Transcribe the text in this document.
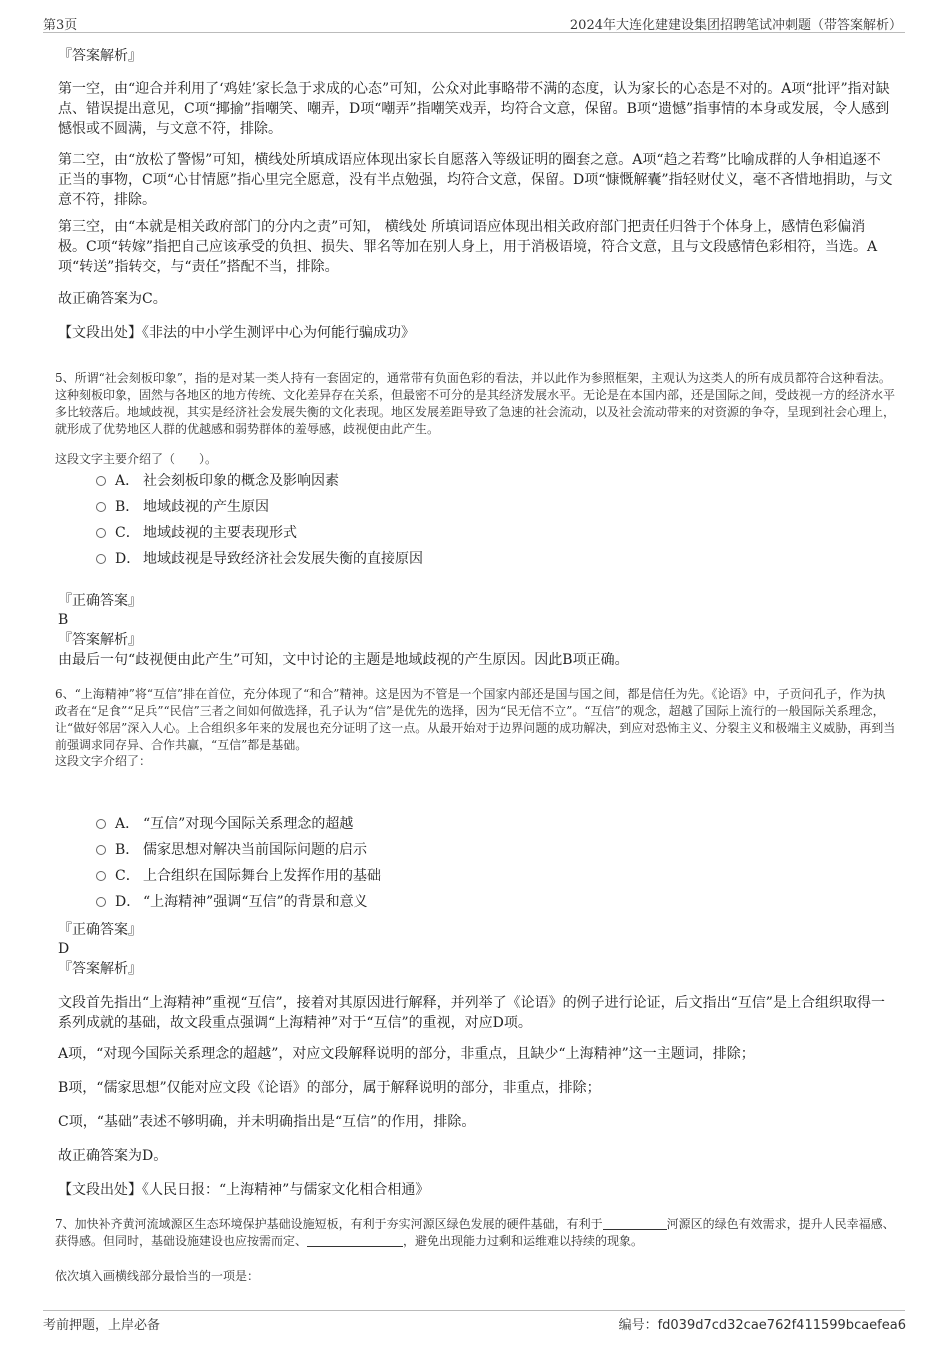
第3页	2024年大连化建建设集团招聘笔试冲刺题（带答案解析）
『答案解析』
第一空，由“迎合并利用了‘鸡娃’家长急于求成的心态”可知，公众对此事略带不满的态度，认为家长的心态是不对的。A项“批评”指对缺点、错误提出意见，C项“揶揄”指嘲笑、嘲弄，D项“嘲弄”指嘲笑戏弄，均符合文意，保留。B项“遗憾”指事情的本身或发展，令人感到憾恨或不圆满，与文意不符，排除。
第二空，由“放松了警惕”可知，横线处所填成语应体现出家长自愿落入等级证明的圈套之意。A项“趋之若骛”比喻成群的人争相追逐不正当的事物，C项“心甘情愿”指心里完全愿意，没有半点勉强，均符合文意，保留。D项“慷慨解囊”指轻财仗义，毫不吝惜地捐助，与文意不符，排除。
第三空，由“本就是相关政府部门的分内之责”可知， 横线处 所填词语应体现出相关政府部门把责任归咎于个体身上，感情色彩偏消极。C项“转嫁”指把自己应该承受的负担、损失、罪名等加在别人身上，用于消极语境，符合文意，且与文段感情色彩相符，当选。A项“转送”指转交，与“责任”搭配不当，排除。
故正确答案为C。
【文段出处】《非法的中小学生测评中心为何能行骗成功》
5、所谓“社会刻板印象”，指的是对某一类人持有一套固定的，通常带有负面色彩的看法，并以此作为参照框架，主观认为这类人的所有成员都符合这种看法。这种刻板印象，固然与各地区的地方传统、文化差异存在关系，但最密不可分的是其经济发展水平。无论是在本国内部，还是国际之间，受歧视一方的经济水平多比较落后。地域歧视，其实是经济社会发展失衡的文化表现。地区发展差距导致了急速的社会流动，以及社会流动带来的对资源的争夺，呈现到社会心理上，就形成了优势地区人群的优越感和弱势群体的羞辱感，歧视便由此产生。
这段文字主要介绍了（　　）。
A． 社会刻板印象的概念及影响因素
B． 地域歧视的产生原因
C． 地域歧视的主要表现形式
D． 地域歧视是导致经济社会发展失衡的直接原因
『正确答案』
B
『答案解析』
由最后一句“歧视便由此产生”可知，文中讨论的主题是地域歧视的产生原因。因此B项正确。
6、“上海精神”将“互信”排在首位，充分体现了“和合”精神。这是因为不管是一个国家内部还是国与国之间，都是信任为先。《论语》中，子贡问孔子，作为执政者在“足食”“足兵”“民信”三者之间如何做选择，孔子认为“信”是优先的选择，因为“民无信不立”。“互信”的观念，超越了国际上流行的一般国际关系理念，让“做好邻居”深入人心。上合组织多年来的发展也充分证明了这一点。从最开始对于边界问题的成功解决，到应对恐怖主义、分裂主义和极端主义威胁，再到当前强调求同存异、合作共赢，“互信”都是基础。
这段文字介绍了：
A． “互信”对现今国际关系理念的超越
B． 儒家思想对解决当前国际问题的启示
C． 上合组织在国际舞台上发挥作用的基础
D． “上海精神”强调“互信”的背景和意义
『正确答案』
D
『答案解析』
文段首先指出“上海精神”重视“互信”，接着对其原因进行解释，并列举了《论语》的例子进行论证，后文指出“互信”是上合组织取得一系列成就的基础，故文段重点强调“上海精神”对于“互信”的重视，对应D项。
A项，“对现今国际关系理念的超越”，对应文段解释说明的部分，非重点，且缺少“上海精神”这一主题词，排除；
B项，“儒家思想”仅能对应文段《论语》的部分，属于解释说明的部分，非重点，排除；
C项，“基础”表述不够明确，并未明确指出是“互信”的作用，排除。
故正确答案为D。
【文段出处】《人民日报：“上海精神”与儒家文化相合相通》
7、加快补齐黄河流域源区生态环境保护基础设施短板，有利于夯实河源区绿色发展的硬件基础，有利于	河源区的绿色有效需求，提升人民幸福感、获得感。但同时，基础设施建设也应按需而定、	，避免出现能力过剩和运维难以持续的现象。
依次填入画横线部分最恰当的一项是：
考前押题，上岸必备	编号：fd039d7cd32cae762f411599bcaefea6
